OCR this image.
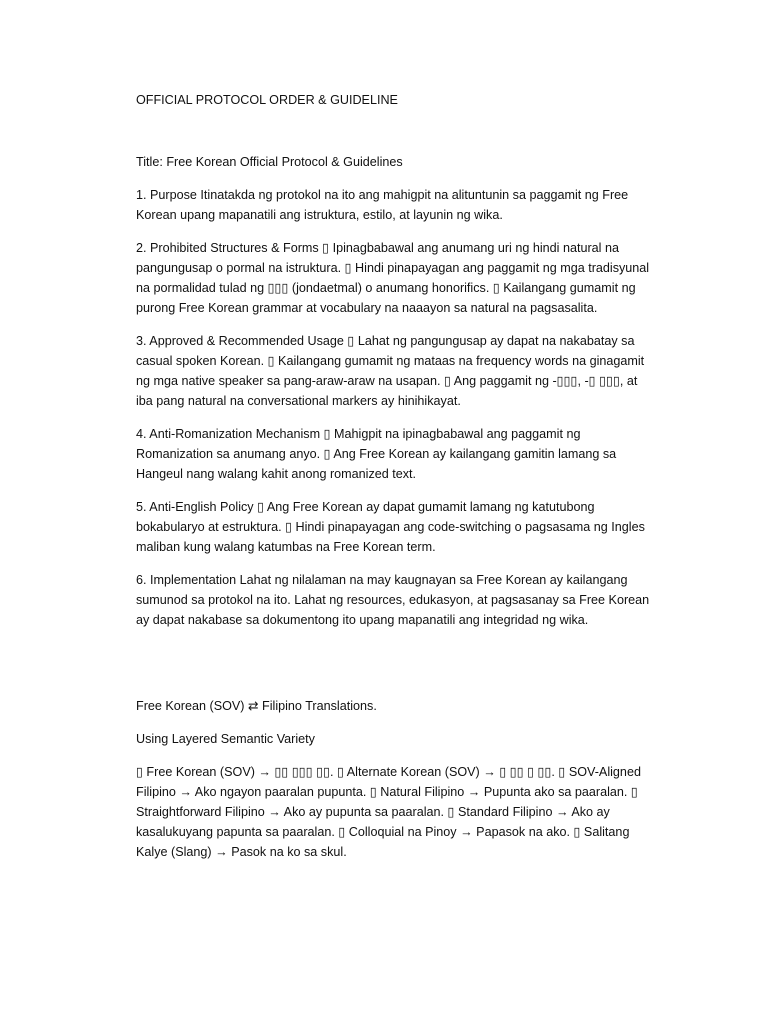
OFFICIAL PROTOCOL ORDER & GUIDELINE

Title: Free Korean Official Protocol & Guidelines

1. Purpose Itinatakda ng protokol na ito ang mahigpit na alituntunin sa paggamit ng Free Korean upang mapanatili ang istruktura, estilo, at layunin ng wika.

2. Prohibited Structures & Forms ▯ Ipinagbabawal ang anumang uri ng hindi natural na pangungusap o pormal na istruktura. ▯ Hindi pinapayagan ang paggamit ng mga tradisyunal na pormalidad tulad ng ▯▯▯ (jondaetmal) o anumang honorifics. ▯ Kailangang gumamit ng purong Free Korean grammar at vocabulary na naaayon sa natural na pagsasalita.

3. Approved & Recommended Usage ▯ Lahat ng pangungusap ay dapat na nakabatay sa casual spoken Korean. ▯ Kailangang gumamit ng mataas na frequency words na ginagamit ng mga native speaker sa pang-araw-araw na usapan. ▯ Ang paggamit ng -▯▯▯, -▯ ▯▯▯, at iba pang natural na conversational markers ay hinihikayat.

4. Anti-Romanization Mechanism ▯ Mahigpit na ipinagbabawal ang paggamit ng Romanization sa anumang anyo. ▯ Ang Free Korean ay kailangang gamitin lamang sa Hangeul nang walang kahit anong romanized text.

5. Anti-English Policy ▯ Ang Free Korean ay dapat gumamit lamang ng katutubong bokabularyo at estruktura. ▯ Hindi pinapayagan ang code-switching o pagsasama ng Ingles maliban kung walang katumbas na Free Korean term.

6. Implementation Lahat ng nilalaman na may kaugnayan sa Free Korean ay kailangang sumunod sa protokol na ito. Lahat ng resources, edukasyon, at pagsasanay sa Free Korean ay dapat nakabase sa dokumentong ito upang mapanatili ang integridad ng wika.

Free Korean (SOV) ⇄ Filipino Translations.

Using Layered Semantic Variety

▯ Free Korean (SOV) → ▯▯ ▯▯▯ ▯▯. ▯ Alternate Korean (SOV) → ▯ ▯▯ ▯ ▯▯. ▯ SOV-Aligned Filipino → Ako ngayon paaralan pupunta. ▯ Natural Filipino → Pupunta ako sa paaralan. ▯ Straightforward Filipino → Ako ay pupunta sa paaralan. ▯ Standard Filipino → Ako ay kasalukuyang papunta sa paaralan. ▯ Colloquial na Pinoy → Papasok na ako. ▯ Salitang Kalye (Slang) → Pasok na ko sa skul.
